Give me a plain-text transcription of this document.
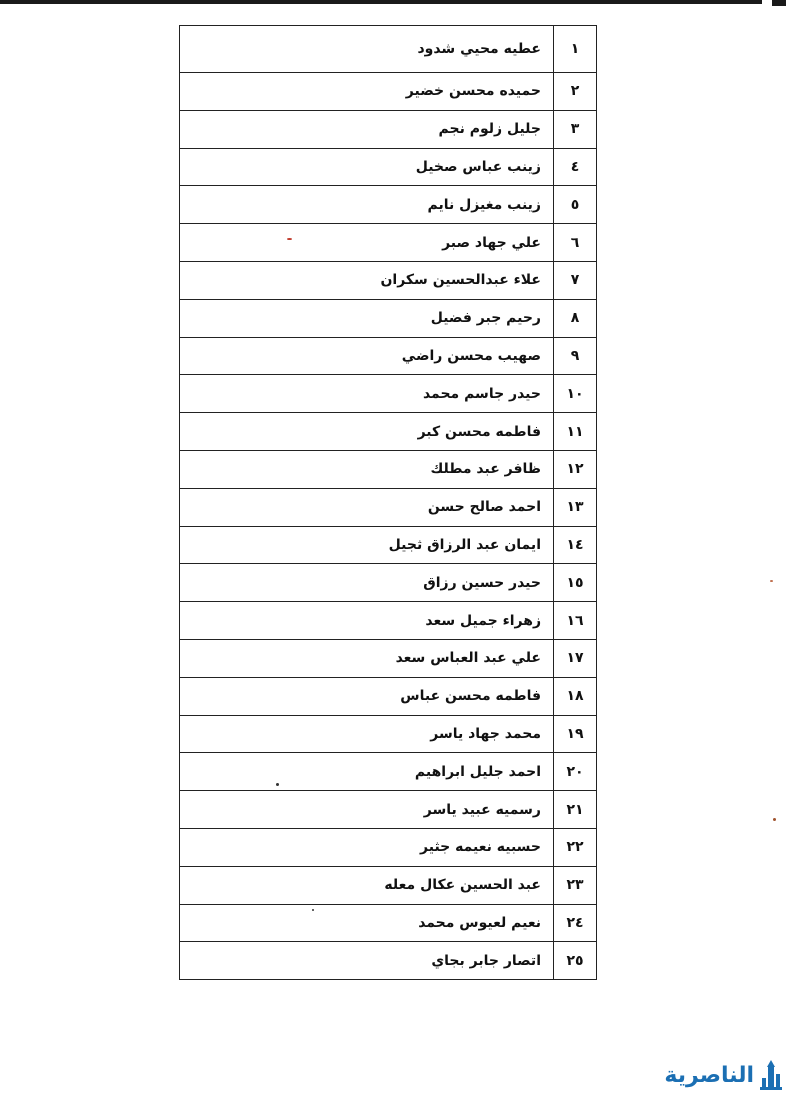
١	عطيه محيي شدود
٢	حميده محسن خضير
٣	جليل زلوم نجم
٤	زينب عباس صخيل
٥	زينب مغيزل نايم
٦	علي جهاد صبر
٧	علاء عبدالحسين سكران
٨	رحيم جبر فضيل
٩	صهيب محسن راضي
١٠	حيدر جاسم محمد
١١	فاطمه محسن كبر
١٢	ظافر عبد مطلك
١٣	احمد صالح حسن
١٤	ايمان عبد الرزاق ثجيل
١٥	حيدر حسين رزاق
١٦	زهراء جميل سعد
١٧	علي عبد العباس سعد
١٨	فاطمه محسن عباس
١٩	محمد جهاد ياسر
٢٠	احمد جليل ابراهيم
٢١	رسميه عبيد ياسر
٢٢	حسبيه نعيمه جثير
٢٣	عبد الحسين عكال معله
٢٤	نعيم لعيوس محمد
٢٥	اتصار جابر بجاي
الناصرية
